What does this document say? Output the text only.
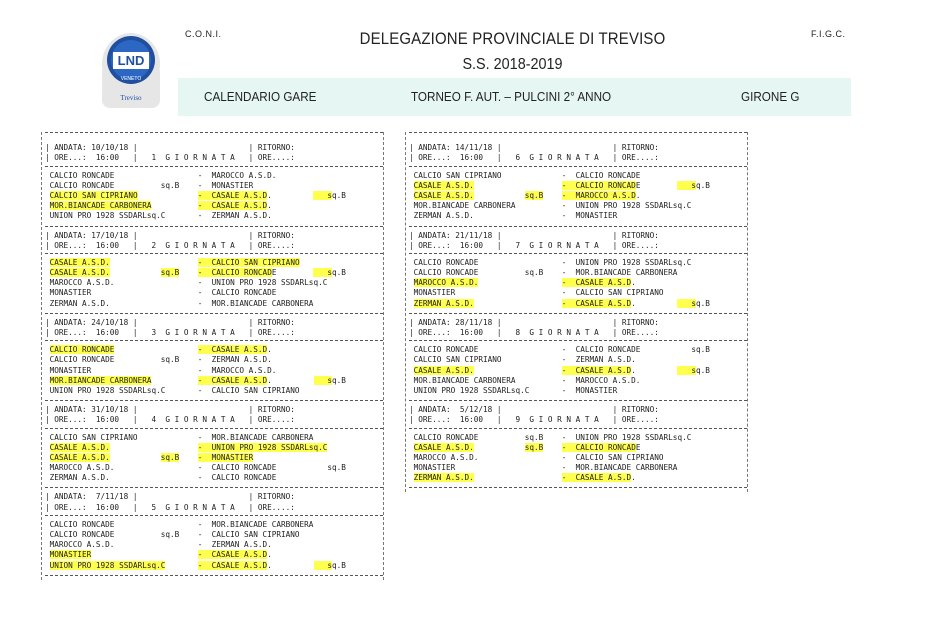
LND
VENETO
Treviso
C.O.N.I.	F.I.G.C.
DELEGAZIONE PROVINCIALE DI TREVISO
S.S. 2018-2019
CALENDARIO GARE	TORNEO F. AUT. – PULCINI 2° ANNO	GIRONE G
| ANDATA: 10/10/18 |                        | RITORNO:
| ORE...:  16:00   |   1  G I O R N A T A   | ORE....:
CALCIO RONCADE                  -  MAROCCO A.S.D.
CALCIO RONCADE          sq.B    -  MONASTIER
CALCIO SAN CIPRIANO	-  CASALE A.S.D.            sq.B
MOR.BIANCADE CARBONERA	-  CASALE A.S.D.
UNION PRO 1928 SSDARLsq.C       -  ZERMAN A.S.D.
| ANDATA: 17/10/18 |                        | RITORNO:
| ORE...:  16:00   |   2  G I O R N A T A   | ORE....:
CASALE A.S.D.	-  CALCIO SAN CIPRIANO
CASALE A.S.D.	sq.B -  CALCIO RONCADE           sq.B
MAROCCO A.S.D.                  -  UNION PRO 1928 SSDARLsq.C
MONASTIER                       -  CALCIO RONCADE
ZERMAN A.S.D.                   -  MOR.BIANCADE CARBONERA
| ANDATA: 24/10/18 |                        | RITORNO:
| ORE...:  16:00   |   3  G I O R N A T A   | ORE....:
CALCIO RONCADE	-  CASALE A.S.D.
CALCIO RONCADE          sq.B    -  ZERMAN A.S.D.
MONASTIER                       -  MAROCCO A.S.D.
MOR.BIANCADE CARBONERA	-  CASALE A.S.D.            sq.B
UNION PRO 1928 SSDARLsq.C       -  CALCIO SAN CIPRIANO
| ANDATA: 31/10/18 |                        | RITORNO:
| ORE...:  16:00   |   4  G I O R N A T A   | ORE....:
CALCIO SAN CIPRIANO             -  MOR.BIANCADE CARBONERA
CASALE A.S.D.	-  UNION PRO 1928 SSDARLsq.C
CASALE A.S.D.	sq.B -  MONASTIER
MAROCCO A.S.D.                  -  CALCIO RONCADE           sq.B
ZERMAN A.S.D.                   -  CALCIO RONCADE
| ANDATA:  7/11/18 |                        | RITORNO:
| ORE...:  16:00   |   5  G I O R N A T A   | ORE....:
CALCIO RONCADE                  -  MOR.BIANCADE CARBONERA
CALCIO RONCADE          sq.B    -  CALCIO SAN CIPRIANO
MAROCCO A.S.D.                  -  ZERMAN A.S.D.
MONASTIER	-  CASALE A.S.D.
UNION PRO 1928 SSDARLsq.C	-  CASALE A.S.D.            sq.B
| ANDATA: 14/11/18 |                        | RITORNO:
| ORE...:  16:00   |   6  G I O R N A T A   | ORE....:
CALCIO SAN CIPRIANO             -  CALCIO RONCADE
CASALE A.S.D.	-  CALCIO RONCADE           sq.B
CASALE A.S.D.	sq.B -  MAROCCO A.S.D.
MOR.BIANCADE CARBONERA          -  UNION PRO 1928 SSDARLsq.C
ZERMAN A.S.D.                   -  MONASTIER
| ANDATA: 21/11/18 |                        | RITORNO:
| ORE...:  16:00   |   7  G I O R N A T A   | ORE....:
CALCIO RONCADE                  -  UNION PRO 1928 SSDARLsq.C
CALCIO RONCADE          sq.B    -  MOR.BIANCADE CARBONERA
MAROCCO A.S.D.	-  CASALE A.S.D.
MONASTIER                       -  CALCIO SAN CIPRIANO
ZERMAN A.S.D.	-  CASALE A.S.D.            sq.B
| ANDATA: 28/11/18 |                        | RITORNO:
| ORE...:  16:00   |   8  G I O R N A T A   | ORE....:
CALCIO RONCADE                  -  CALCIO RONCADE           sq.B
CALCIO SAN CIPRIANO             -  ZERMAN A.S.D.
CASALE A.S.D.	-  CASALE A.S.D.            sq.B
MOR.BIANCADE CARBONERA          -  MAROCCO A.S.D.
UNION PRO 1928 SSDARLsq.C       -  MONASTIER
| ANDATA:  5/12/18 |                        | RITORNO:
| ORE...:  16:00   |   9  G I O R N A T A   | ORE....:
CALCIO RONCADE          sq.B    -  UNION PRO 1928 SSDARLsq.C
CASALE A.S.D.	sq.B -  CALCIO RONCADE
MAROCCO A.S.D.                  -  CALCIO SAN CIPRIANO
MONASTIER                       -  MOR.BIANCADE CARBONERA
ZERMAN A.S.D.	-  CASALE A.S.D.
